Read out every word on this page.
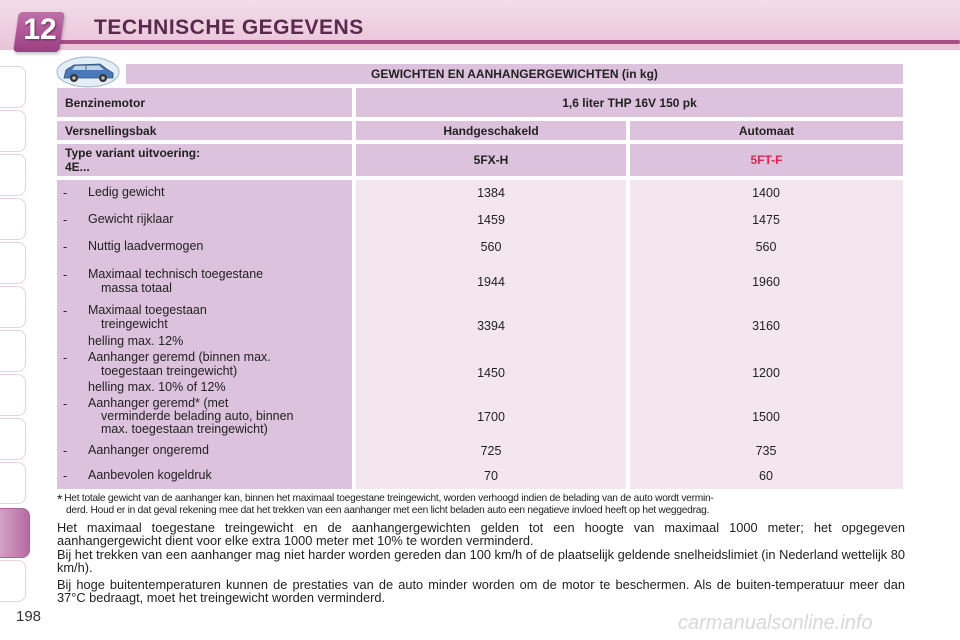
12 TECHNISCHE GEGEVENS
GEWICHTEN EN AANHANGERGEWICHTEN (in kg)
Benzinemotor	1,6 liter THP 16V 150 pk
Versnellingsbak	Handgeschakeld	Automaat
Type variant uitvoering:
4E...	5FX-H	5FT-F
- Ledig gewicht	1384	1400
- Gewicht rijklaar	1459	1475
- Nuttig laadvermogen	560	560
- Maximaal technisch toegestane
massa totaal	1944	1960
- Maximaal toegestaan
treingewicht
helling max. 12%
3394	3160
- Aanhanger geremd (binnen max.
toegestaan treingewicht)
helling max. 10% of 12%
1450	1200
- Aanhanger geremd* (met
verminderde belading auto, binnen
max. toegestaan treingewicht)
1700	1500
- Aanhanger ongeremd	725	735
- Aanbevolen kogeldruk	70	60
* Het totale gewicht van de aanhanger kan, binnen het maximaal toegestane treingewicht, worden verhoogd indien de belading van de auto wordt vermin-
derd. Houd er in dat geval rekening mee dat het trekken van een aanhanger met een licht beladen auto een negatieve invloed heeft op het weggedrag.
Het maximaal toegestane treingewicht en de aanhangergewichten gelden tot een hoogte van maximaal 1000 meter; het opgegeven aanhangergewicht dient voor elke extra 1000 meter met 10% te worden verminderd.
Bij het trekken van een aanhanger mag niet harder worden gereden dan 100 km/h of de plaatselijk geldende snelheidslimiet (in Nederland wettelijk 80 km/h).
Bij hoge buitentemperaturen kunnen de prestaties van de auto minder worden om de motor te beschermen. Als de buiten-temperatuur meer dan 37°C bedraagt, moet het treingewicht worden verminderd.
198	carmanualsonline.info
